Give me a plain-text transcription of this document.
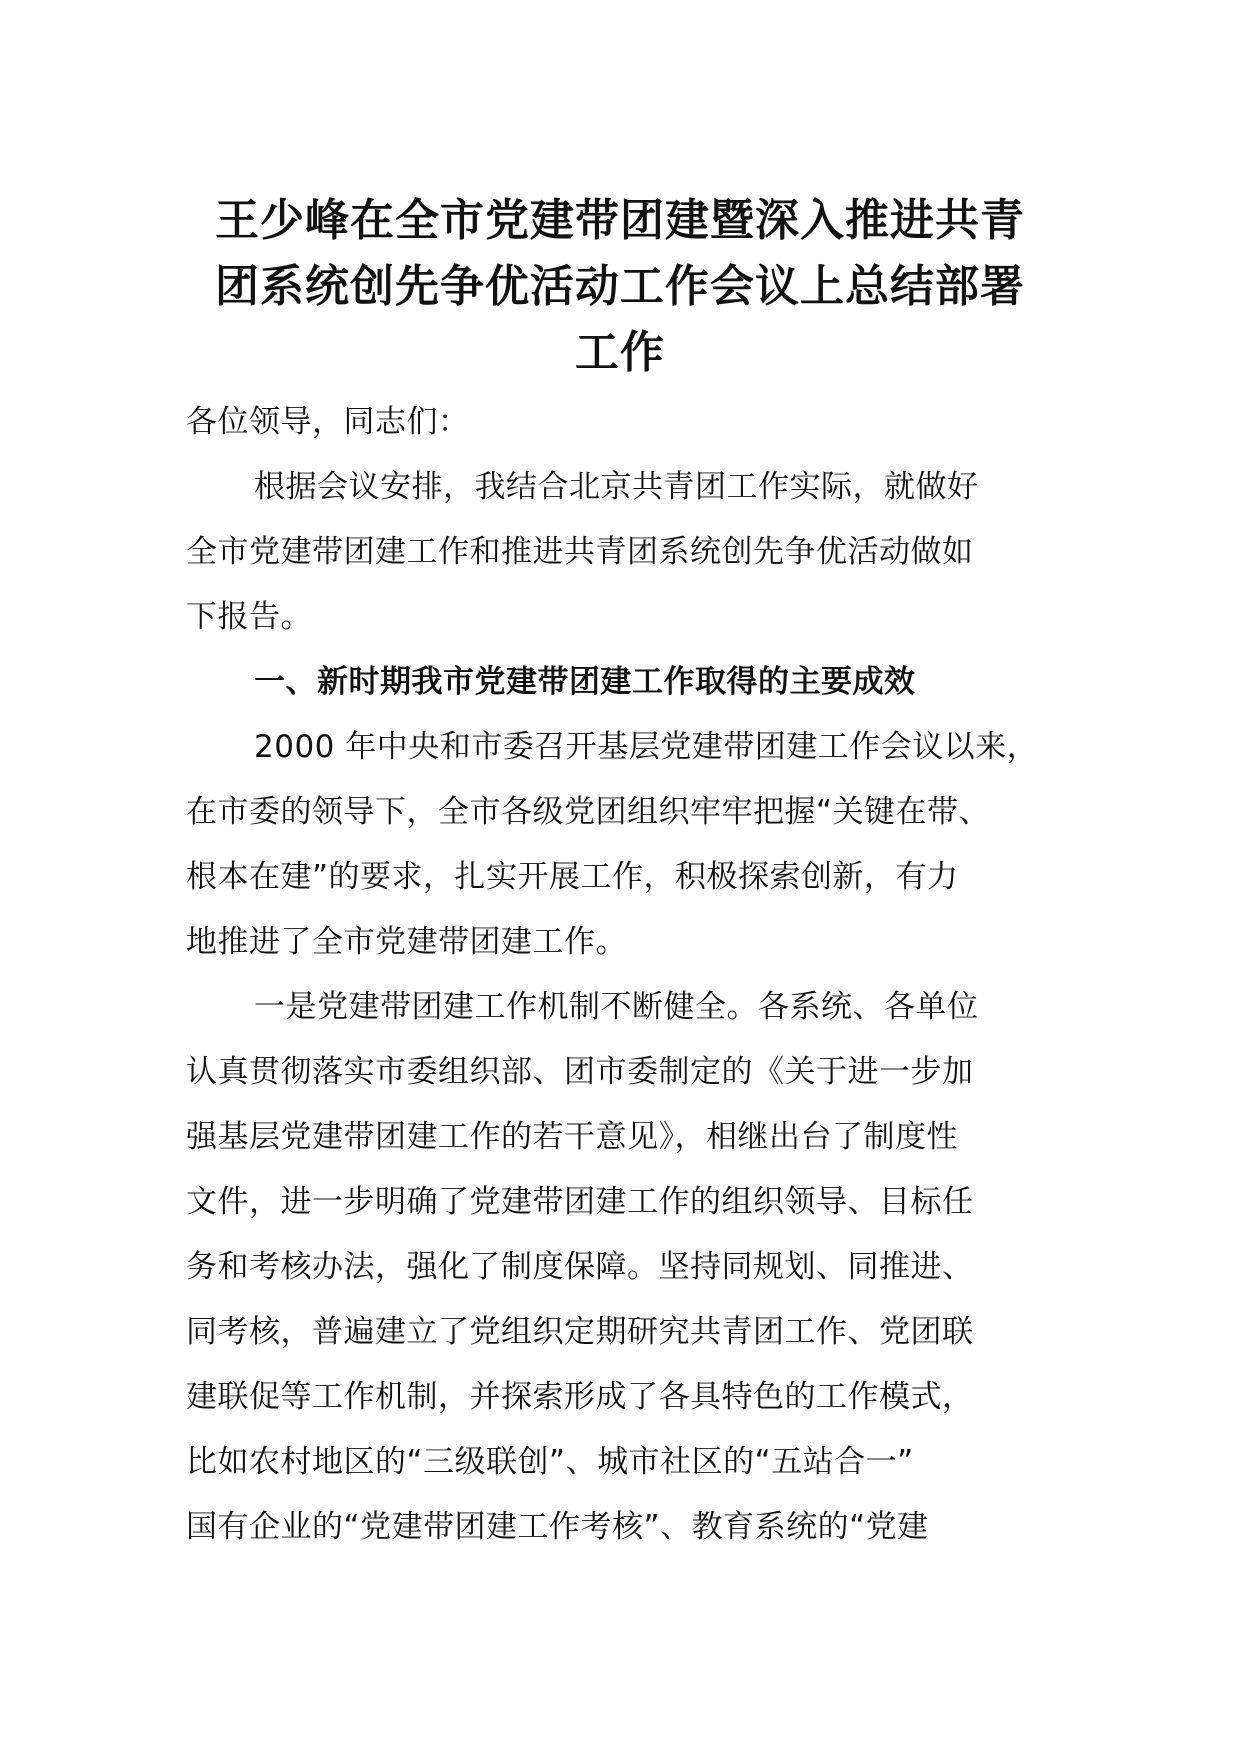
王少峰在全市党建带团建暨深入推进共青
团系统创先争优活动工作会议上总结部署
工作
各位领导，同志们：
根据会议安排，我结合北京共青团工作实际，就做好
全市党建带团建工作和推进共青团系统创先争优活动做如
下报告。
一、新时期我市党建带团建工作取得的主要成效
2000 年中央和市委召开基层党建带团建工作会议以来，
在市委的领导下，全市各级党团组织牢牢把握“关键在带、
根本在建”的要求，扎实开展工作，积极探索创新，有力
地推进了全市党建带团建工作。
一是党建带团建工作机制不断健全。各系统、各单位
认真贯彻落实市委组织部、团市委制定的《关于进一步加
强基层党建带团建工作的若干意见》，相继出台了制度性
文件，进一步明确了党建带团建工作的组织领导、目标任
务和考核办法，强化了制度保障。坚持同规划、同推进、
同考核，普遍建立了党组织定期研究共青团工作、党团联
建联促等工作机制，并探索形成了各具特色的工作模式，
比如农村地区的“三级联创”、城市社区的“五站合一”
国有企业的“党建带团建工作考核”、教育系统的“党建
